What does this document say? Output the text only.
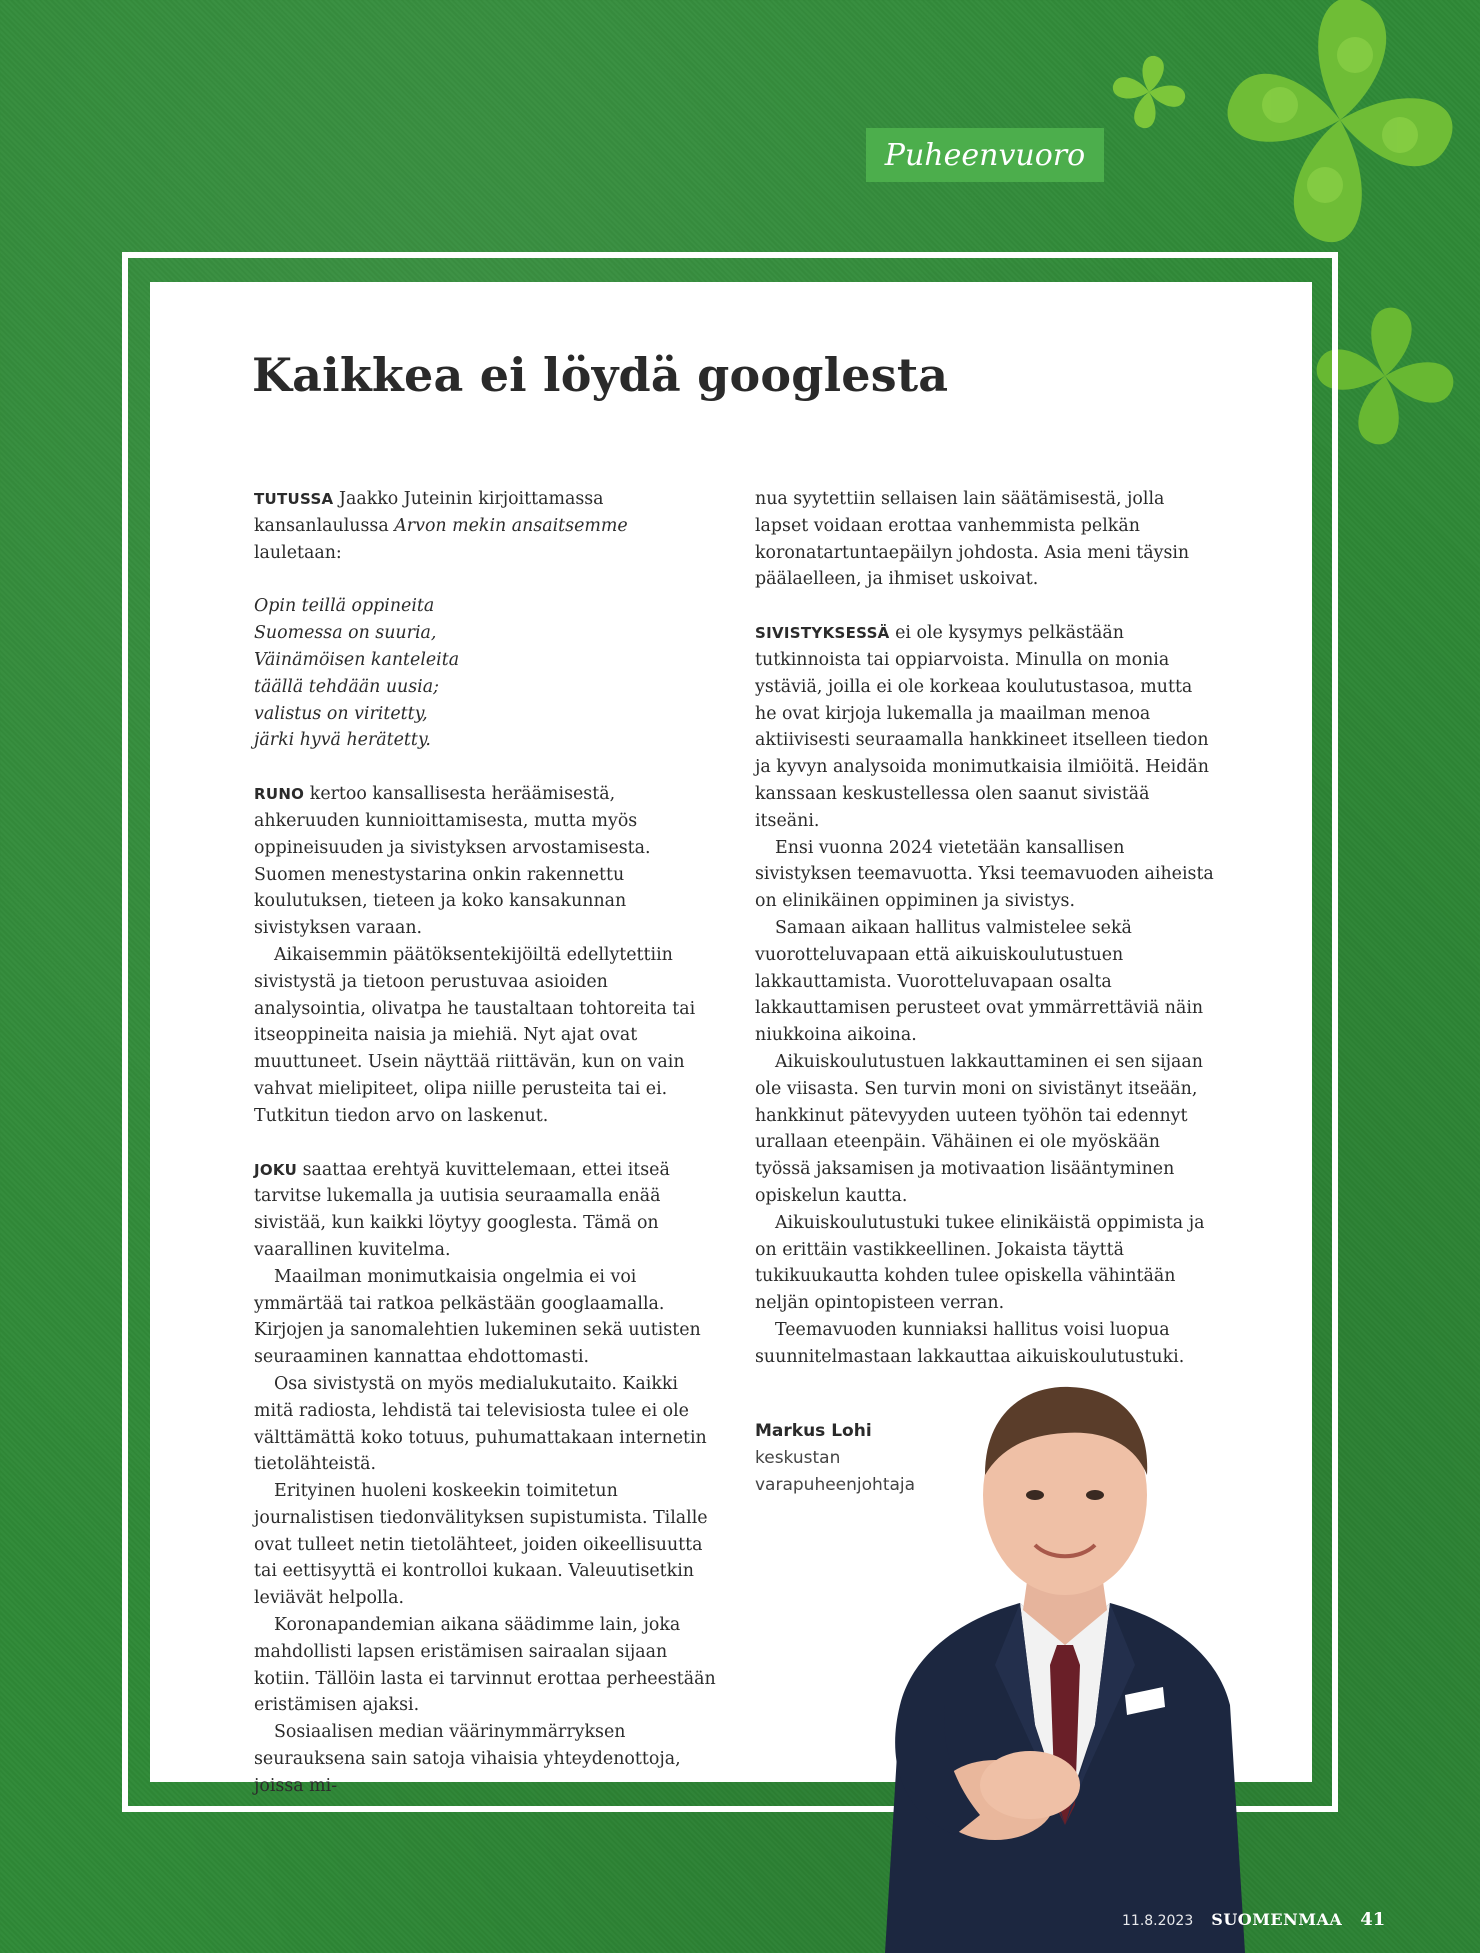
Puheenvuoro
Kaikkea ei löydä googlesta

TUTUSSA Jaakko Juteinin kirjoittamassa kansanlaulussa Arvon mekin ansaitsemme lauletaan:

Opin teillä oppineita
Suomessa on suuria,
Väinämöisen kanteleita
täällä tehdään uusia;
valistus on viritetty,
järki hyvä herätetty.

RUNO kertoo kansallisesta heräämisestä, ahkeruuden kunnioittamisesta, mutta myös oppineisuuden ja sivistyksen arvostamisesta. Suomen menestystarina onkin rakennettu koulutuksen, tieteen ja koko kansakunnan sivistyksen varaan.

Aikaisemmin päätöksentekijöiltä edellytettiin sivistystä ja tietoon perustuvaa asioiden analysointia, olivatpa he taustaltaan tohtoreita tai itseoppineita naisia ja miehiä. Nyt ajat ovat muuttuneet. Usein näyttää riittävän, kun on vain vahvat mielipiteet, olipa niille perusteita tai ei. Tutkitun tiedon arvo on laskenut.

JOKU saattaa erehtyä kuvittelemaan, ettei itseä tarvitse lukemalla ja uutisia seuraamalla enää sivistää, kun kaikki löytyy googlesta. Tämä on vaarallinen kuvitelma.

Maailman monimutkaisia ongelmia ei voi ymmärtää tai ratkoa pelkästään googlaamalla. Kirjojen ja sanomalehtien lukeminen sekä uutisten seuraaminen kannattaa ehdottomasti.

Osa sivistystä on myös medialukutaito. Kaikki mitä radiosta, lehdistä tai televisiosta tulee ei ole välttämättä koko totuus, puhumattakaan internetin tietolähteistä.

Erityinen huoleni koskeekin toimitetun journalistisen tiedonvälityksen supistumista. Tilalle ovat tulleet netin tietolähteet, joiden oikeellisuutta tai eettisyyttä ei kontrolloi kukaan. Valeuutisetkin leviävät helpolla.

Koronapandemian aikana säädimme lain, joka mahdollisti lapsen eristämisen sairaalan sijaan kotiin. Tällöin lasta ei tarvinnut erottaa perheestään eristämisen ajaksi.

Sosiaalisen median väärinymmärryksen seurauksena sain satoja vihaisia yhteydenottoja, joissa mi-

nua syytettiin sellaisen lain säätämisestä, jolla lapset voidaan erottaa vanhemmista pelkän koronatartuntaepäilyn johdosta. Asia meni täysin päälaelleen, ja ihmiset uskoivat.

SIVISTYKSESSÄ ei ole kysymys pelkästään tutkinnoista tai oppiarvoista. Minulla on monia ystäviä, joilla ei ole korkeaa koulutustasoa, mutta he ovat kirjoja lukemalla ja maailman menoa aktiivisesti seuraamalla hankkineet itselleen tiedon ja kyvyn analysoida monimutkaisia ilmiöitä. Heidän kanssaan keskustellessa olen saanut sivistää itseäni.

Ensi vuonna 2024 vietetään kansallisen sivistyksen teemavuotta. Yksi teemavuoden aiheista on elinikäinen oppiminen ja sivistys.

Samaan aikaan hallitus valmistelee sekä vuorotteluvapaan että aikuiskoulutustuen lakkauttamista. Vuorotteluvapaan osalta lakkauttamisen perusteet ovat ymmärrettäviä näin niukkoina aikoina.

Aikuiskoulutustuen lakkauttaminen ei sen sijaan ole viisasta. Sen turvin moni on sivistänyt itseään, hankkinut pätevyyden uuteen työhön tai edennyt urallaan eteenpäin. Vähäinen ei ole myöskään työssä jaksamisen ja motivaation lisääntyminen opiskelun kautta.

Aikuiskoulutustuki tukee elinikäistä oppimista ja on erittäin vastikkeellinen. Jokaista täyttä tukikuukautta kohden tulee opiskella vähintään neljän opintopisteen verran.

Teemavuoden kunniaksi hallitus voisi luopua suunnitelmastaan lakkauttaa aikuiskoulutustuki.

Markus Lohi
keskustan
varapuheenjohtaja
11.8.2023 SUOMENMAA 41
